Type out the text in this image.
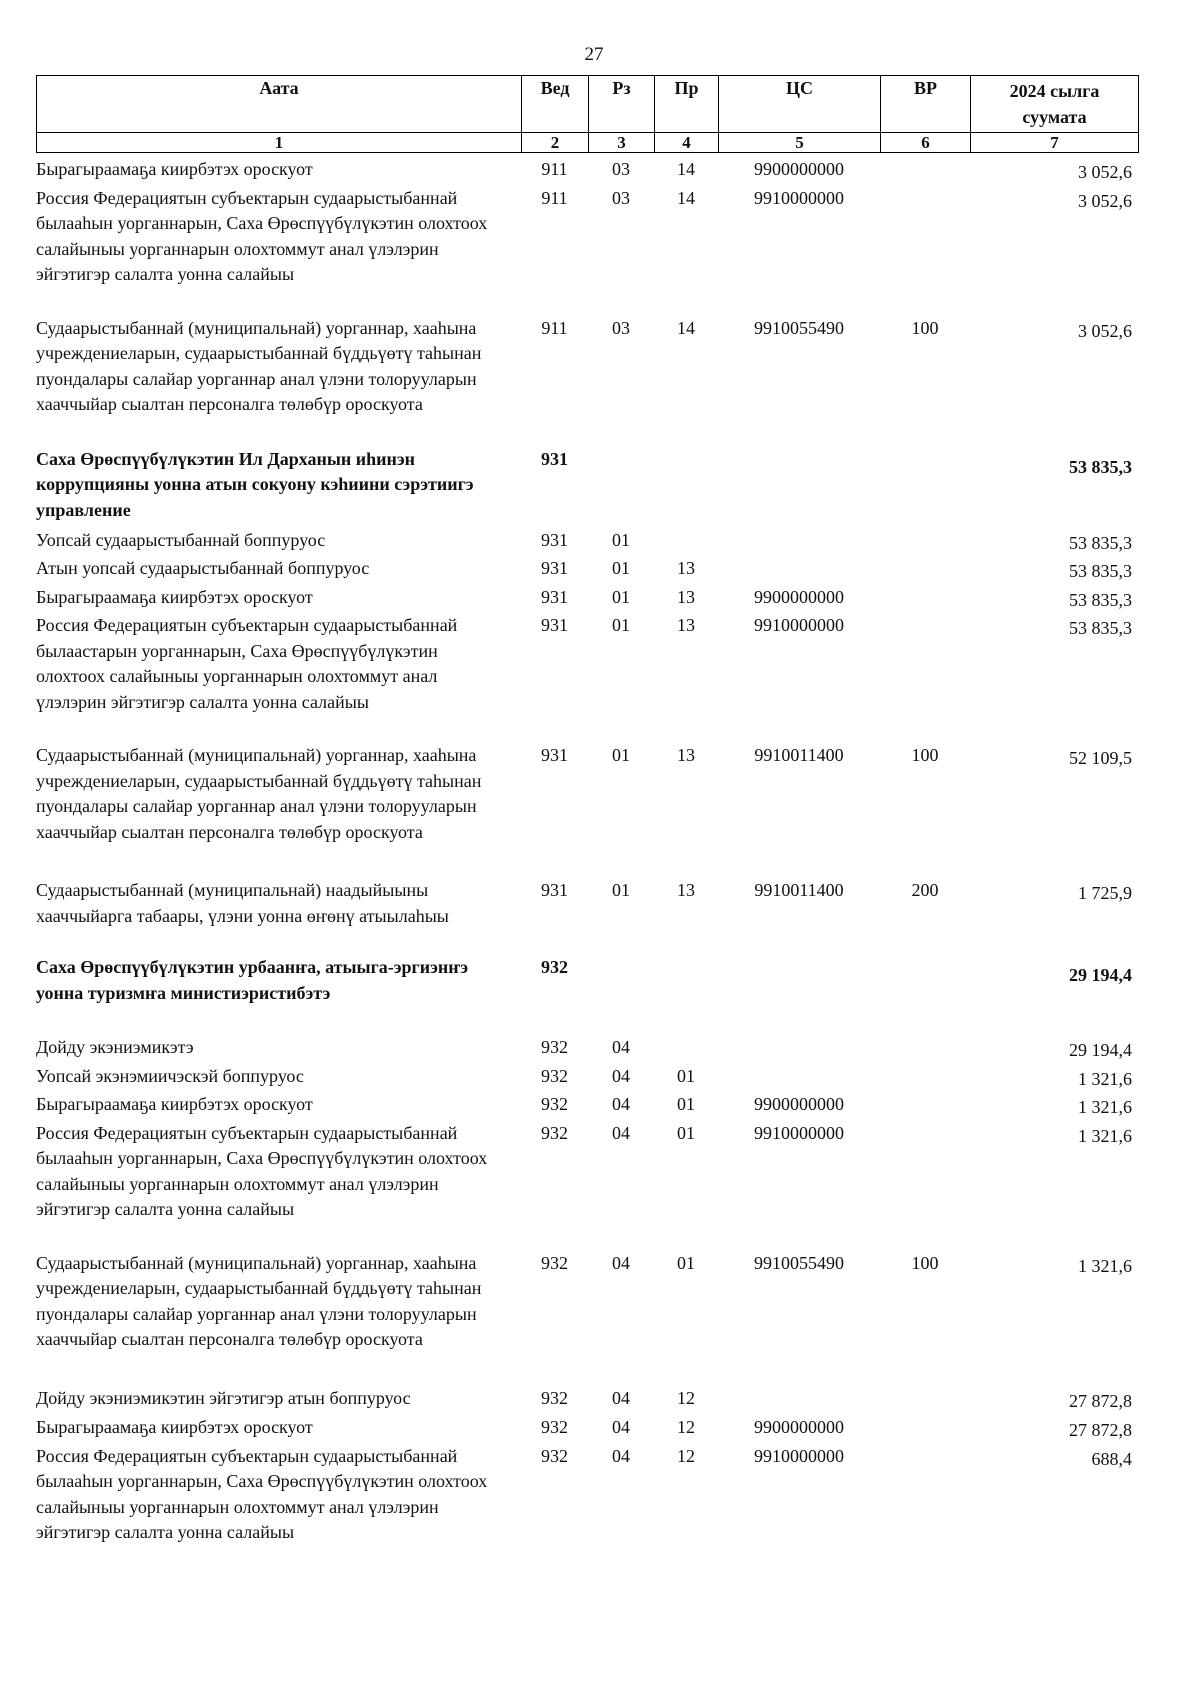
27
Аата	Вед	Рз	Пр	ЦС	ВР	2024 сылга
суумата

1	2	3	4	5	6	7
Бырагыраамаҕа киирбэтэх ороскуот	911	03	14	9900000000		3 052,6
Россия Федерациятын субъектарын судаарыстыбаннай былааһын уорганнарын, Саха Өрөспүүбүлүкэтин олохтоох салайыныы уорганнарын олохтоммут анал үлэлэрин эйгэтигэр салалта уонна салайыы	911	03	14	9910000000		3 052,6
Судаарыстыбаннай (муниципальнай) уорганнар, хааһына учреждениеларын, судаарыстыбаннай бүддьүөтү таһынан пуондалары салайар уорганнар анал үлэни толорууларын хааччыйар сыалтан персоналга төлөбүр ороскуота	911	03	14	9910055490	100	3 052,6
Саха Өрөспүүбүлүкэтин Ил Дарханын иһинэн коррупцияны уонна атын сокуону кэһиини сэрэтиигэ управление	931					53 835,3
Уопсай судаарыстыбаннай боппуруос	931	01				53 835,3
Атын уопсай судаарыстыбаннай боппуруос	931	01	13			53 835,3
Бырагыраамаҕа киирбэтэх ороскуот	931	01	13	9900000000		53 835,3
Россия Федерациятын субъектарын судаарыстыбаннай былаастарын уорганнарын, Саха Өрөспүүбүлүкэтин олохтоох салайыныы уорганнарын олохтоммут анал үлэлэрин эйгэтигэр салалта уонна салайыы	931	01	13	9910000000		53 835,3
Судаарыстыбаннай (муниципальнай) уорганнар, хааһына учреждениеларын, судаарыстыбаннай бүддьүөтү таһынан пуондалары салайар уорганнар анал үлэни толорууларын хааччыйар сыалтан персоналга төлөбүр ороскуота	931	01	13	9910011400	100	52 109,5
Судаарыстыбаннай (муниципальнай) наадыйыыны хааччыйарга табаары, үлэни уонна өҥөнү атыылаһыы	931	01	13	9910011400	200	1 725,9
Саха Өрөспүүбүлүкэтин урбаанҥа, атыыга-эргиэнҥэ уонна туризмҥа министиэристибэтэ	932					29 194,4
Дойду экэниэмикэтэ	932	04				29 194,4
Уопсай экэнэмиичэскэй боппуруос	932	04	01			1 321,6
Бырагыраамаҕа киирбэтэх ороскуот	932	04	01	9900000000		1 321,6
Россия Федерациятын субъектарын судаарыстыбаннай былааһын уорганнарын, Саха Өрөспүүбүлүкэтин олохтоох салайыныы уорганнарын олохтоммут анал үлэлэрин эйгэтигэр салалта уонна салайыы	932	04	01	9910000000		1 321,6
Судаарыстыбаннай (муниципальнай) уорганнар, хааһына учреждениеларын, судаарыстыбаннай бүддьүөтү таһынан пуондалары салайар уорганнар анал үлэни толорууларын хааччыйар сыалтан персоналга төлөбүр ороскуота	932	04	01	9910055490	100	1 321,6
Дойду экэниэмикэтин эйгэтигэр атын боппуруос	932	04	12			27 872,8
Бырагыраамаҕа киирбэтэх ороскуот	932	04	12	9900000000		27 872,8
Россия Федерациятын субъектарын судаарыстыбаннай былааһын уорганнарын, Саха Өрөспүүбүлүкэтин олохтоох салайыныы уорганнарын олохтоммут анал үлэлэрин эйгэтигэр салалта уонна салайыы	932	04	12	9910000000		688,4
